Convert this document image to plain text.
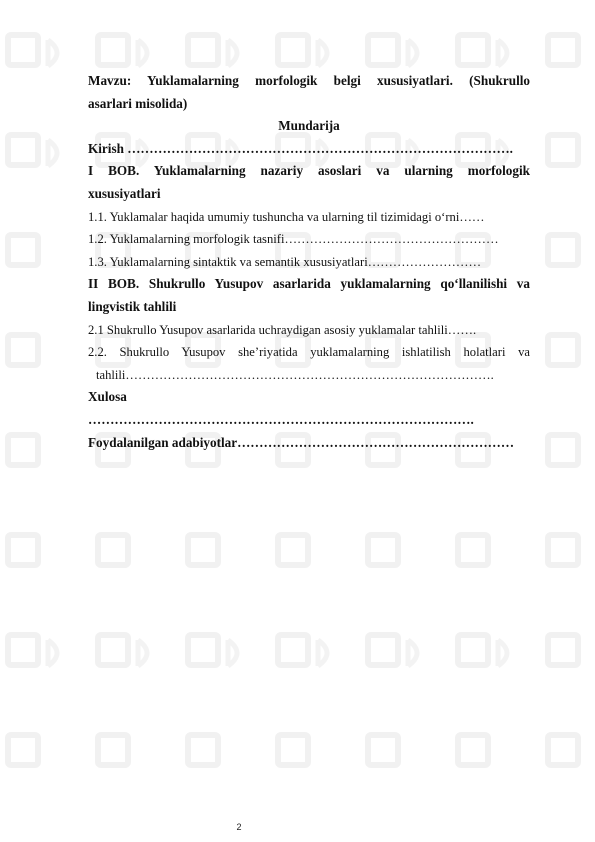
Mavzu: Yuklamalarning morfologik belgi xususiyatlari. (Shukrullo
asarlari misolida)
Mundarija
Kirish …………………………………………………………………………….
I BOB. Yuklamalarning nazariy asoslari va ularning morfologik
xususiyatlari
1.1. Yuklamalar haqida umumiy tushuncha va ularning til tizimidagi o‘rni……
1.2. Yuklamalarning morfologik tasnifi……………………………………………
1.3. Yuklamalarning sintaktik va semantik xususiyatlari………………………
II BOB. Shukrullo Yusupov asarlarida yuklamalarning qo‘llanilishi va
lingvistik tahlili
2.1 Shukrullo Yusupov asarlarida uchraydigan asosiy yuklamalar tahlili…….
2.2. Shukrullo Yusupov she’riyatida yuklamalarning ishlatilish holatlari va
tahlili…………………………………………………………………………….
Xulosa
…………………………………………………………………………….
Foydalanilgan adabiyotlar………………………………………………………
2
